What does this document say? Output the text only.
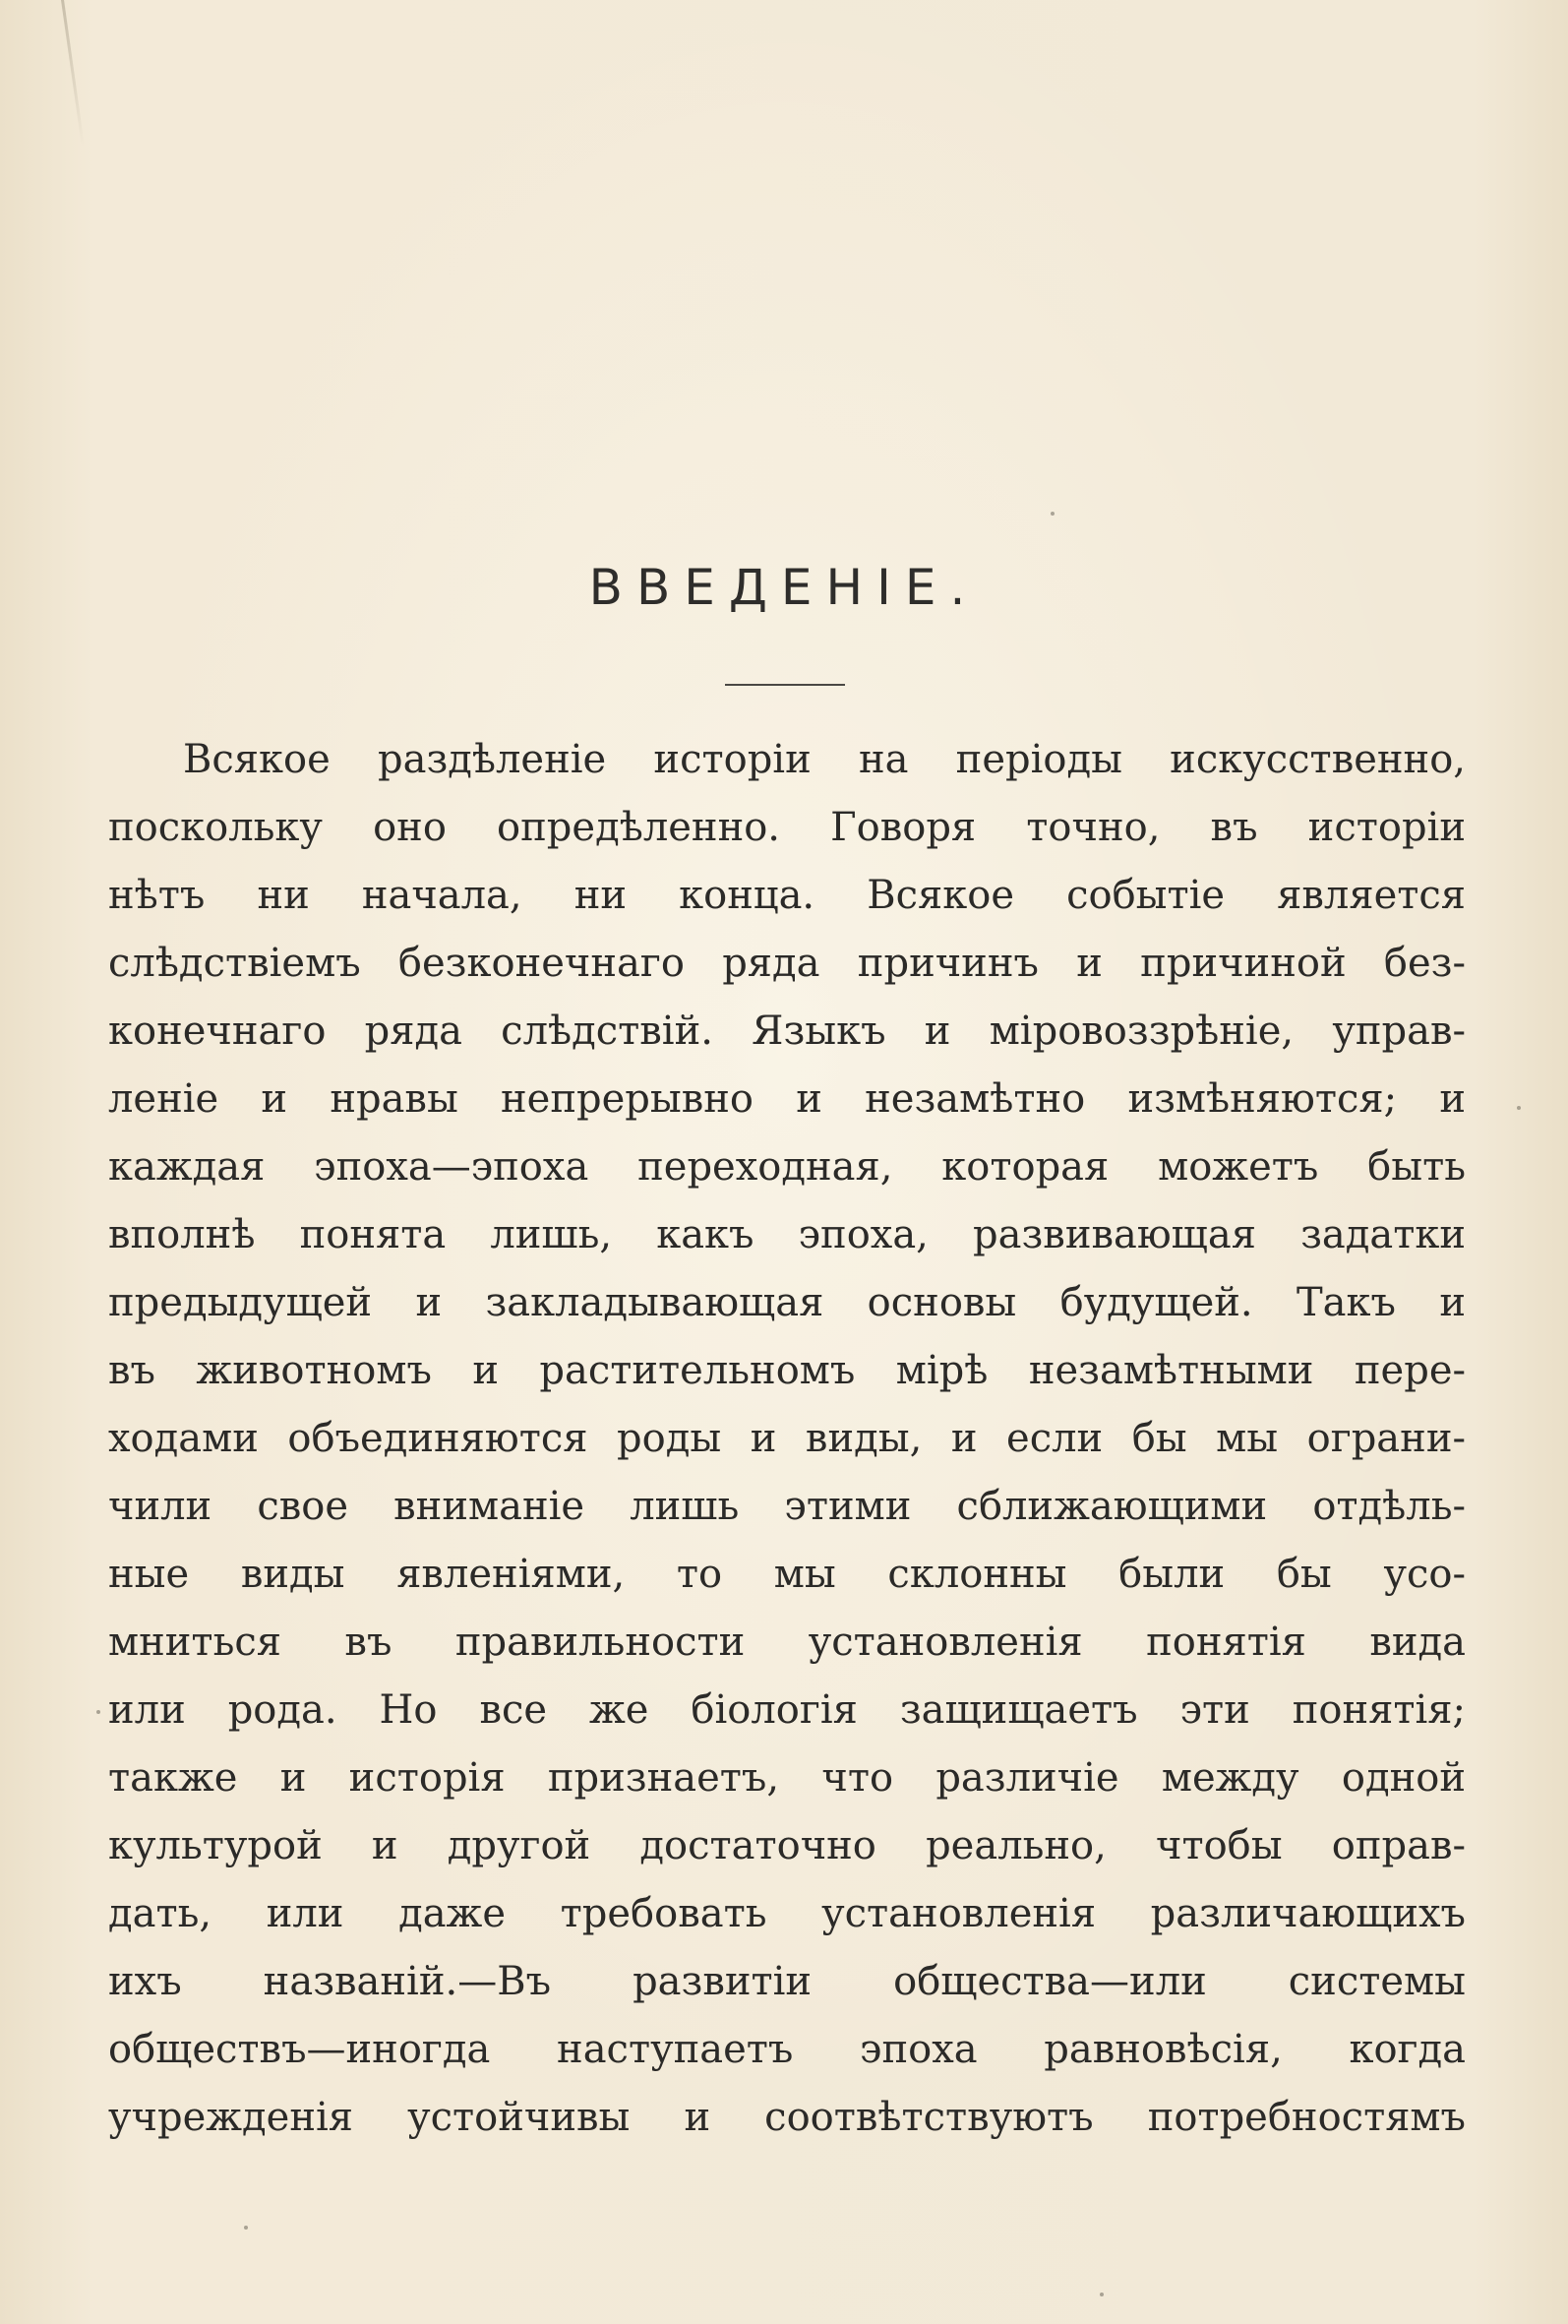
ВВЕДЕНІЕ.
Всякое раздѣленіе исторіи на періоды искусственно,
поскольку оно опредѣленно. Говоря точно, въ исторіи
нѣтъ ни начала, ни конца. Всякое событіе является
слѣдствіемъ безконечнаго ряда причинъ и причиной без-
конечнаго ряда слѣдствій. Языкъ и міровоззрѣніе, управ-
леніе и нравы непрерывно и незамѣтно измѣняются; и
каждая эпоха—эпоха переходная, которая можетъ быть
вполнѣ понята лишь, какъ эпоха, развивающая задатки
предыдущей и закладывающая основы будущей. Такъ и
въ животномъ и растительномъ мірѣ незамѣтными пере-
ходами объединяются роды и виды, и если бы мы ограни-
чили свое вниманіе лишь этими сближающими отдѣль-
ные виды явленіями, то мы склонны были бы усо-
мниться въ правильности установленія понятія вида
или рода. Но все же біологія защищаетъ эти понятія;
также и исторія признаетъ, что различіе между одной
культурой и другой достаточно реально, чтобы оправ-
дать, или даже требовать установленія различающихъ
ихъ названій.—Въ развитіи общества—или системы
обществъ—иногда наступаетъ эпоха равновѣсія, когда
учрежденія устойчивы и соотвѣтствуютъ потребностямъ
